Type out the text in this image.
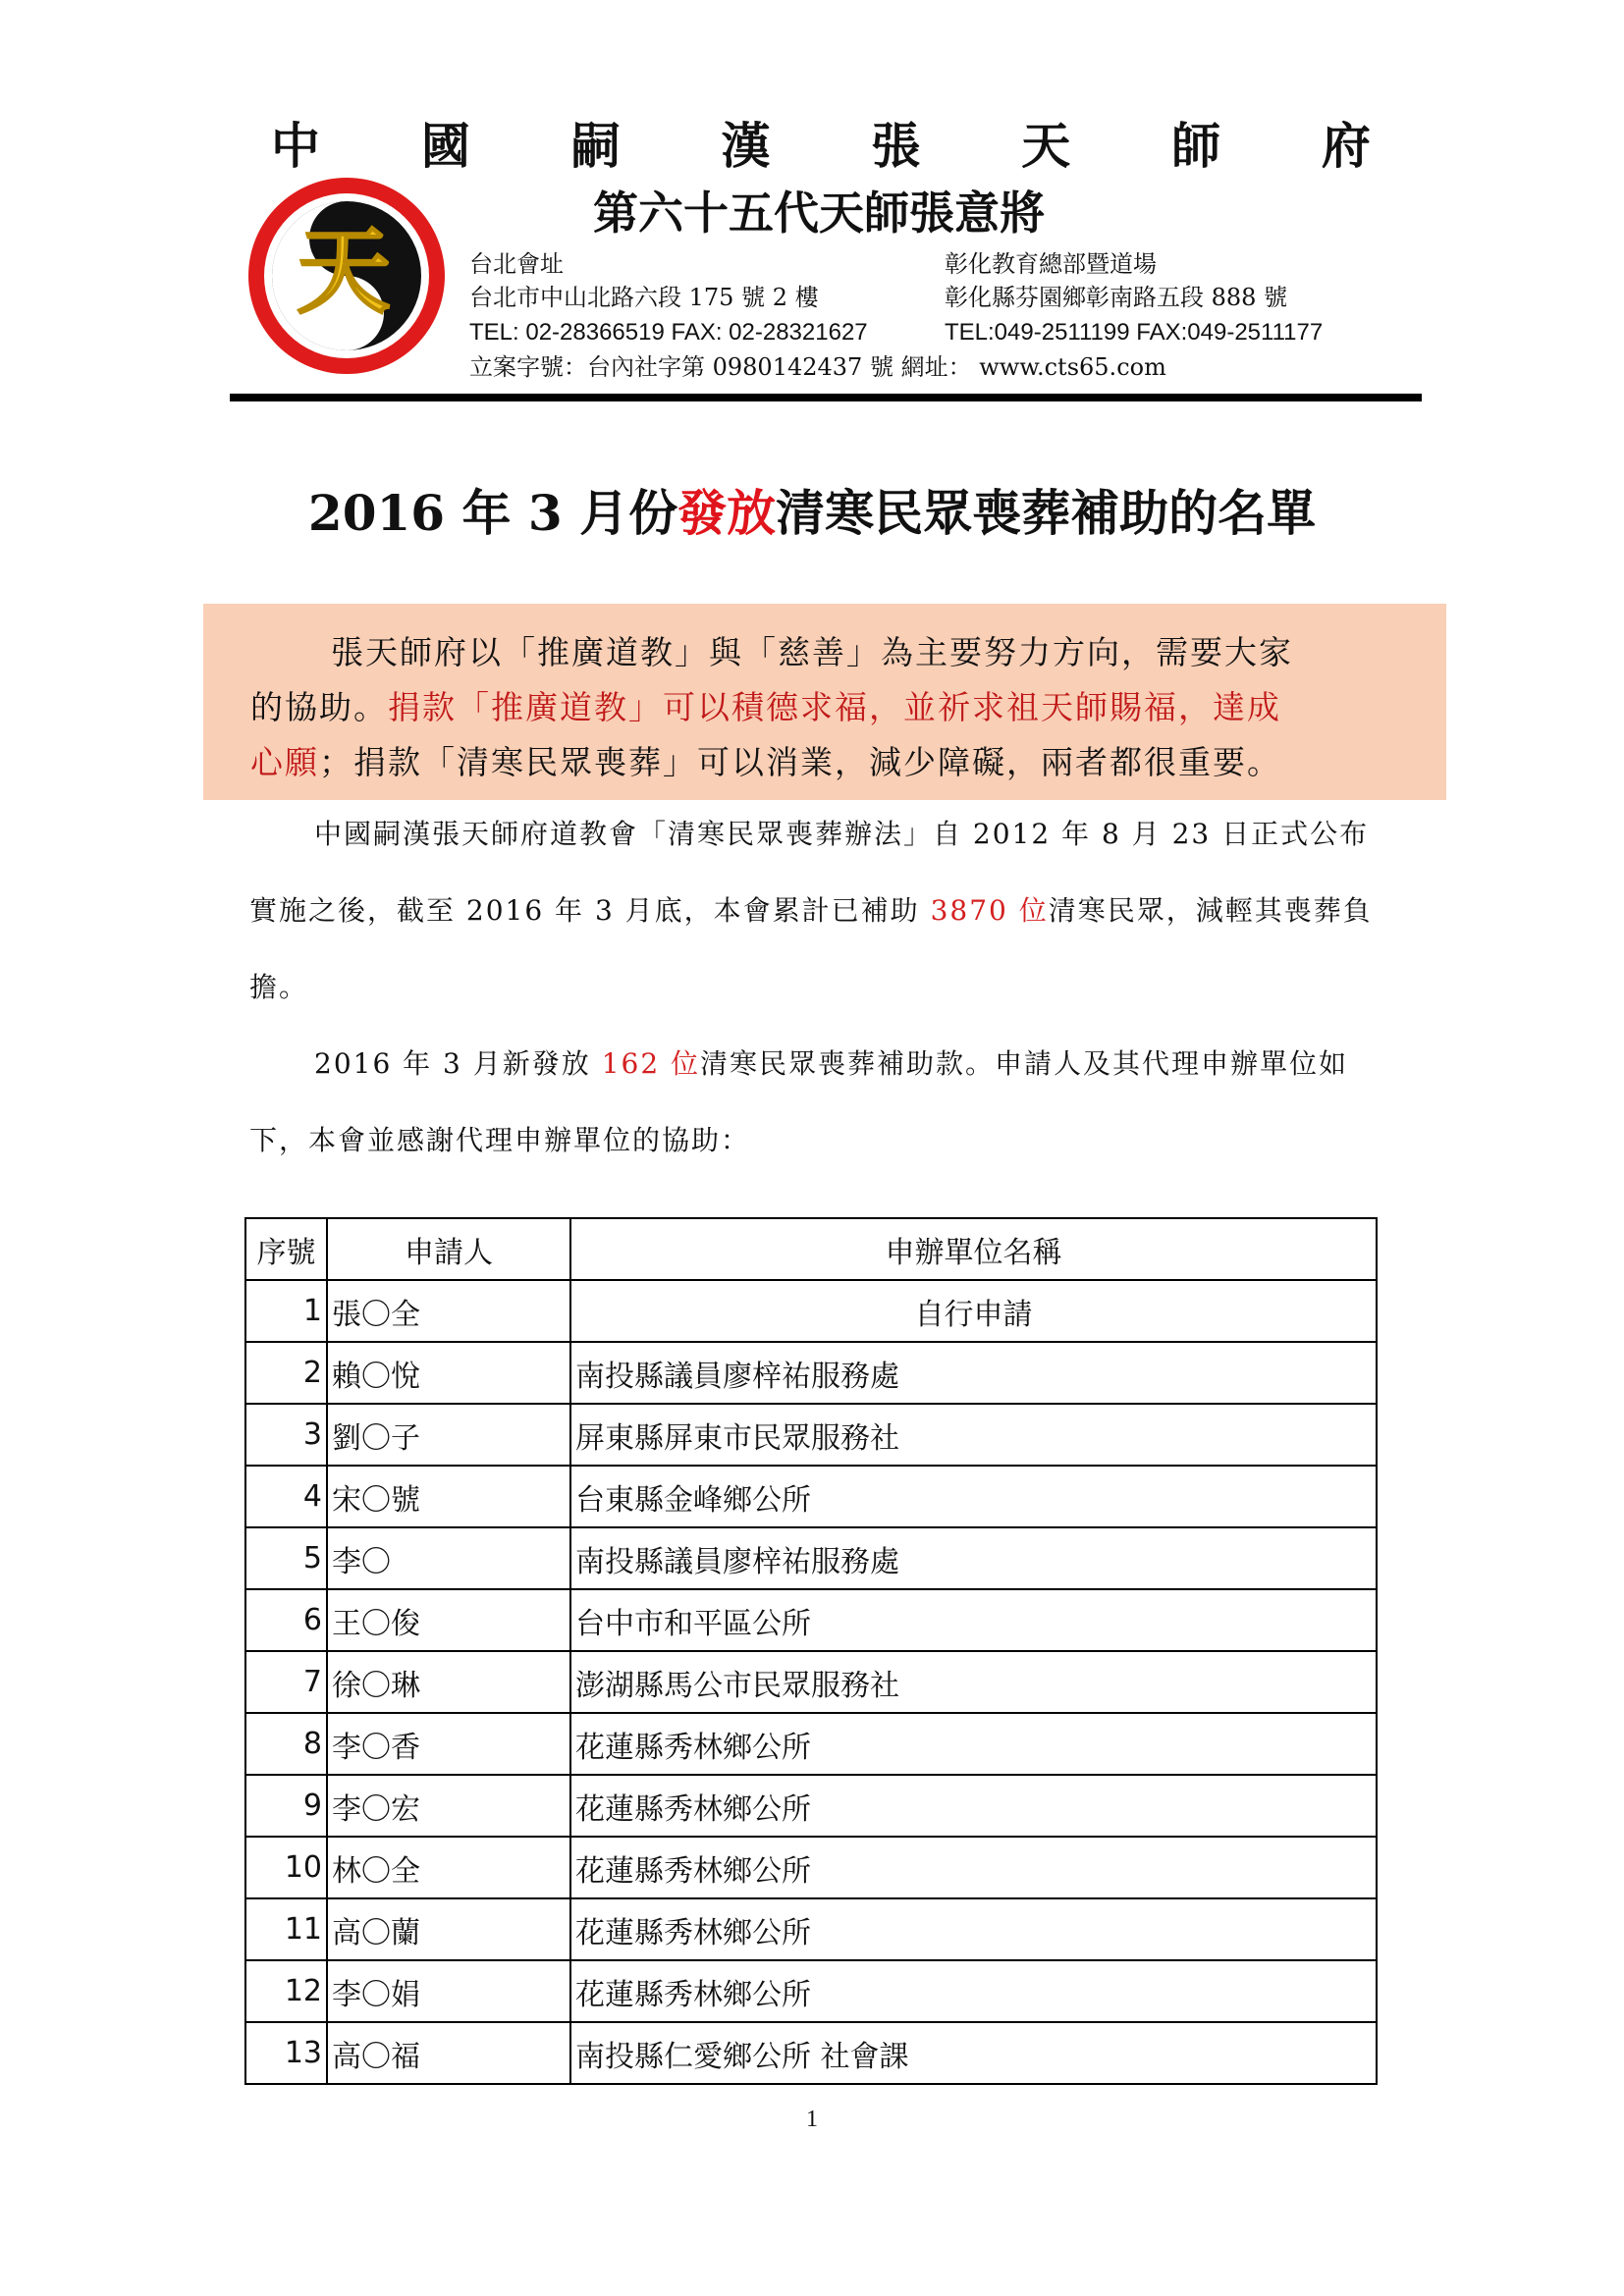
中 國 嗣 漢 張 天 師 府
天
第六十五代天師張意將
台北會址
台北市中山北路六段 175 號 2 樓
TEL: 02-28366519 FAX: 02-28321627
立案字號：台內社字第 0980142437 號 網址： www.cts65.com
彰化教育總部暨道場
彰化縣芬園鄉彰南路五段 888 號
TEL:049-2511199 FAX:049-2511177
2016 年 3 月份發放清寒民眾喪葬補助的名單
張天師府以「推廣道教」與「慈善」為主要努力方向，需要大家
的協助。捐款「推廣道教」可以積德求福，並祈求祖天師賜福，達成
心願；捐款「清寒民眾喪葬」可以消業，減少障礙，兩者都很重要。
中國嗣漢張天師府道教會「清寒民眾喪葬辦法」自 2012 年 8 月 23 日正式公布實施之後，截至 2016 年 3 月底，本會累計已補助 3870 位清寒民眾，減輕其喪葬負擔。
2016 年 3 月新發放 162 位清寒民眾喪葬補助款。申請人及其代理申辦單位如下，本會並感謝代理申辦單位的協助：
序號	申請人	申辦單位名稱
1	張〇全	自行申請
2	賴〇悅	南投縣議員廖梓祐服務處
3	劉〇子	屏東縣屏東市民眾服務社
4	宋〇號	台東縣金峰鄉公所
5	李〇	南投縣議員廖梓祐服務處
6	王〇俊	台中市和平區公所
7	徐〇琳	澎湖縣馬公市民眾服務社
8	李〇香	花蓮縣秀林鄉公所
9	李〇宏	花蓮縣秀林鄉公所
10	林〇全	花蓮縣秀林鄉公所
11	高〇蘭	花蓮縣秀林鄉公所
12	李〇娟	花蓮縣秀林鄉公所
13	高〇福	南投縣仁愛鄉公所 社會課
1
